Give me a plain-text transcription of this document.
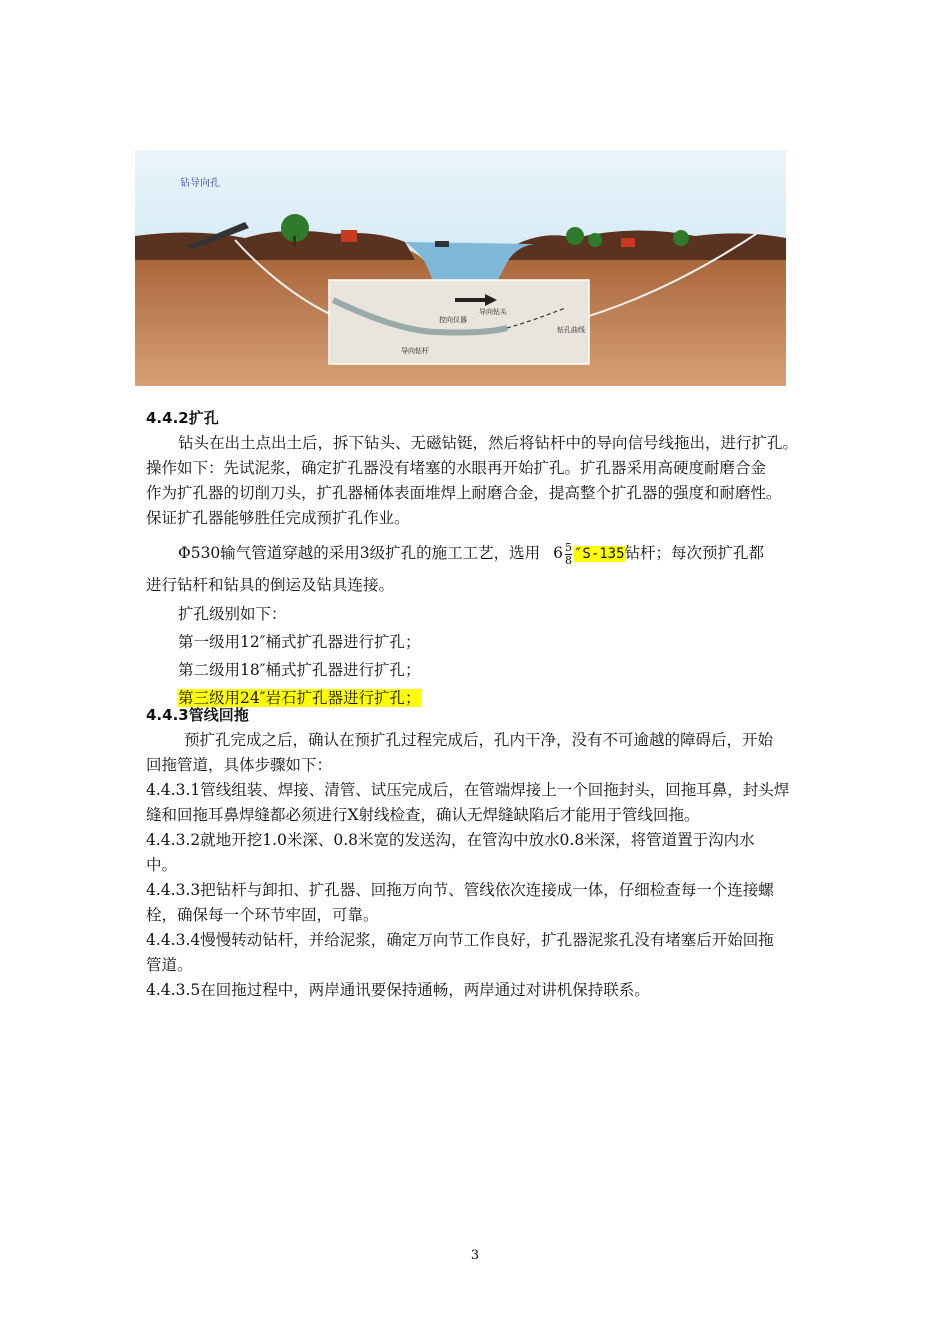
钻导向孔
导向钻头
控向仪器
钻孔曲线
导向钻杆
4.4.2扩孔
钻头在出土点出土后，拆下钻头、无磁钻铤，然后将钻杆中的导向信号线拖出，进行扩孔。
操作如下：先试泥浆，确定扩孔器没有堵塞的水眼再开始扩孔。扩孔器采用高硬度耐磨合金
作为扩孔器的切削刀头，扩孔器桶体表面堆焊上耐磨合金，提高整个扩孔器的强度和耐磨性。
保证扩孔器能够胜任完成预扩孔作业。
Φ530输气管道穿越的采用3级扩孔的施工工艺，选用 $6 \frac{5}{8} ''S-135$钻杆；每次预扩孔都
进行钻杆和钻具的倒运及钻具连接。
扩孔级别如下：
第一级用12″桶式扩孔器进行扩孔；
第二级用18″桶式扩孔器进行扩孔；
第三级用24″岩石扩孔器进行扩孔；
4.4.3管线回拖
预扩孔完成之后，确认在预扩孔过程完成后，孔内干净，没有不可逾越的障碍后，开始
回拖管道，具体步骤如下：
4.4.3.1管线组装、焊接、清管、试压完成后，在管端焊接上一个回拖封头，回拖耳鼻，封头焊
缝和回拖耳鼻焊缝都必须进行X射线检查，确认无焊缝缺陷后才能用于管线回拖。
4.4.3.2就地开挖1.0米深、0.8米宽的发送沟，在管沟中放水0.8米深，将管道置于沟内水
中。
4.4.3.3把钻杆与卸扣、扩孔器、回拖万向节、管线依次连接成一体，仔细检查每一个连接螺
栓，确保每一个环节牢固，可靠。
4.4.3.4慢慢转动钻杆，并给泥浆，确定万向节工作良好，扩孔器泥浆孔没有堵塞后开始回拖
管道。
4.4.3.5在回拖过程中，两岸通讯要保持通畅，两岸通过对讲机保持联系。
3
